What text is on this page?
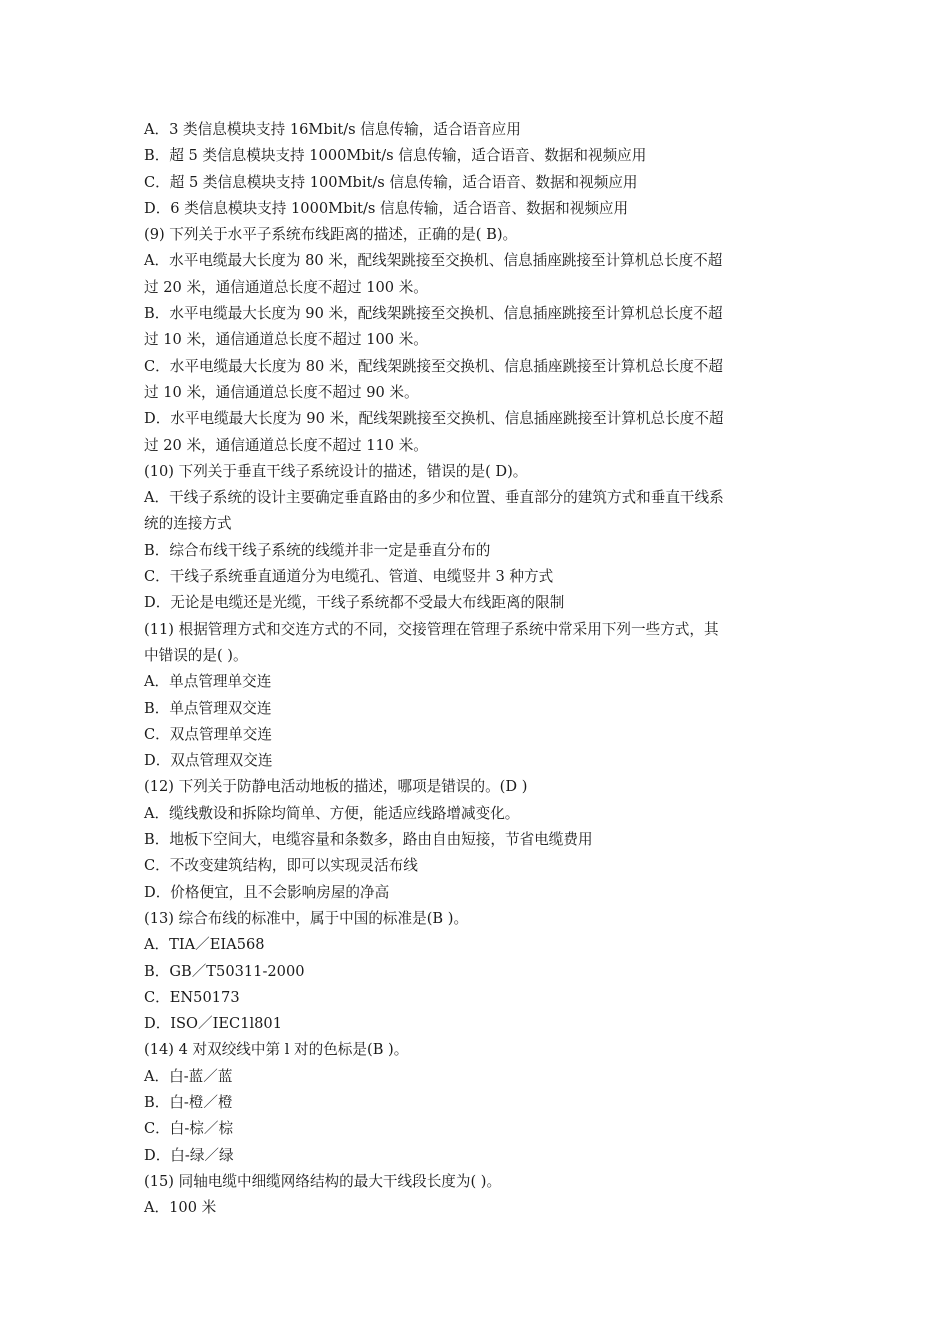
A．3 类信息模块支持 16Mbit/s 信息传输，适合语音应用
B．超 5 类信息模块支持 1000Mbit/s 信息传输，适合语音、数据和视频应用
C．超 5 类信息模块支持 100Mbit/s 信息传输，适合语音、数据和视频应用
D．6 类信息模块支持 1000Mbit/s 信息传输，适合语音、数据和视频应用
(9) 下列关于水平子系统布线距离的描述，正确的是( B)。
A．水平电缆最大长度为 80 米，配线架跳接至交换机、信息插座跳接至计算机总长度不超
过 20 米，通信通道总长度不超过 100 米。
B．水平电缆最大长度为 90 米，配线架跳接至交换机、信息插座跳接至计算机总长度不超
过 10 米，通信通道总长度不超过 100 米。
C．水平电缆最大长度为 80 米，配线架跳接至交换机、信息插座跳接至计算机总长度不超
过 10 米，通信通道总长度不超过 90 米。
D．水平电缆最大长度为 90 米，配线架跳接至交换机、信息插座跳接至计算机总长度不超
过 20 米，通信通道总长度不超过 110 米。
(10) 下列关于垂直干线子系统设计的描述，错误的是( D)。
A．干线子系统的设计主要确定垂直路由的多少和位置、垂直部分的建筑方式和垂直干线系
统的连接方式
B．综合布线干线子系统的线缆并非一定是垂直分布的
C．干线子系统垂直通道分为电缆孔、管道、电缆竖井 3 种方式
D．无论是电缆还是光缆，干线子系统都不受最大布线距离的限制
(11) 根据管理方式和交连方式的不同，交接管理在管理子系统中常采用下列一些方式，其
中错误的是( )。
A．单点管理单交连
B．单点管理双交连
C．双点管理单交连
D．双点管理双交连
(12) 下列关于防静电活动地板的描述，哪项是错误的。(D )
A．缆线敷设和拆除均简单、方便，能适应线路增减变化。
B．地板下空间大，电缆容量和条数多，路由自由短接，节省电缆费用
C．不改变建筑结构，即可以实现灵活布线
D．价格便宜，且不会影响房屋的净高
(13) 综合布线的标准中，属于中国的标准是(B )。
A．TIA／EIA568
B．GB／T50311-2000
C．EN50173
D．ISO／IEC1l801
(14) 4 对双绞线中第 l 对的色标是(B )。
A．白-蓝／蓝
B．白-橙／橙
C．白-棕／棕
D．白-绿／绿
(15) 同轴电缆中细缆网络结构的最大干线段长度为( )。
A．100 米
